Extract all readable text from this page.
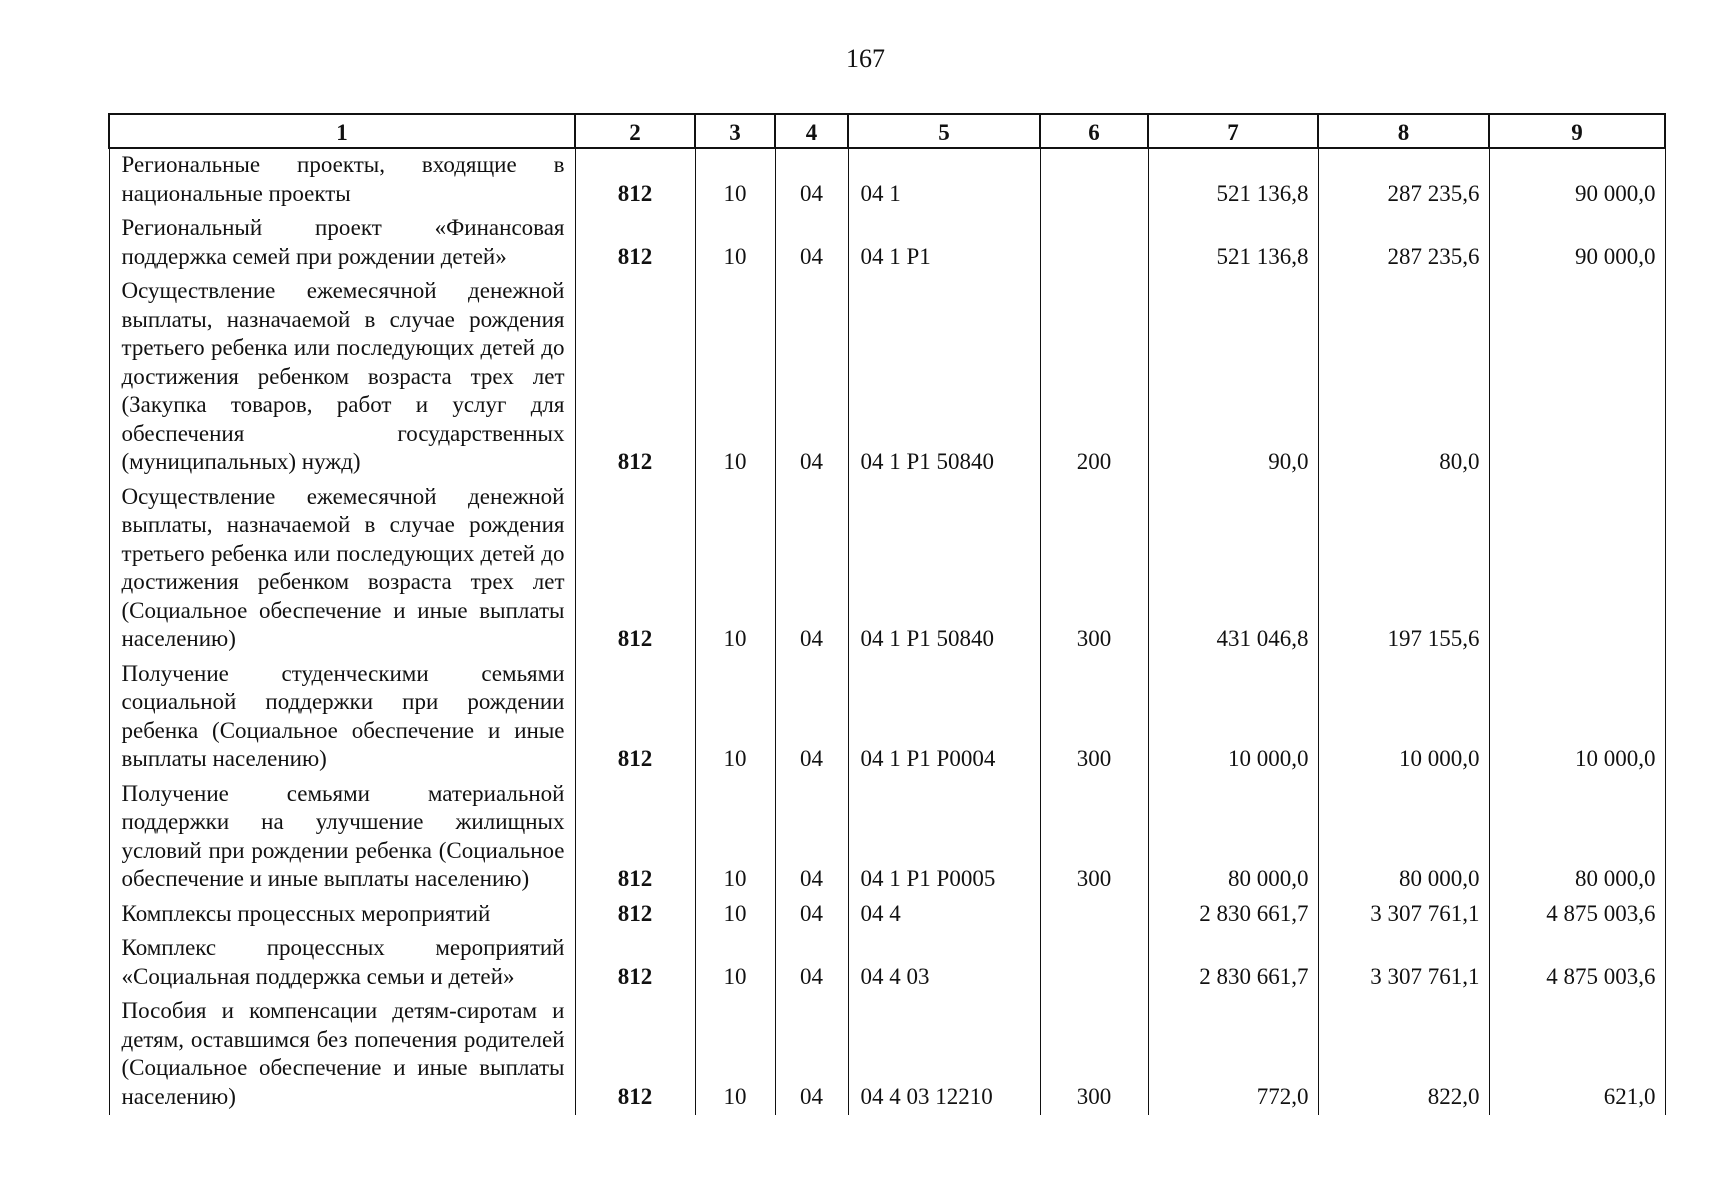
167
1	2	3	4	5	6	7	8	9
Региональные проекты, входящие в национальные проекты	812	10	04	04 1		521 136,8	287 235,6	90 000,0
Региональный проект «Финансовая поддержка семей при рождении детей»	812	10	04	04 1 P1		521 136,8	287 235,6	90 000,0
Осуществление ежемесячной денежной выплаты, назначаемой в случае рождения третьего ребенка или последующих детей до достижения ребенком возраста трех лет (Закупка товаров, работ и услуг для обеспечения государственных (муниципальных) нужд)	812	10	04	04 1 P1 50840	200	90,0	80,0	
Осуществление ежемесячной денежной выплаты, назначаемой в случае рождения третьего ребенка или последующих детей до достижения ребенком возраста трех лет (Социальное обеспечение и иные выплаты населению)	812	10	04	04 1 P1 50840	300	431 046,8	197 155,6	
Получение студенческими семьями социальной поддержки при рождении ребенка (Социальное обеспечение и иные выплаты населению)	812	10	04	04 1 P1 P0004	300	10 000,0	10 000,0	10 000,0
Получение семьями материальной поддержки на улучшение жилищных условий при рождении ребенка (Социальное обеспечение и иные выплаты населению)	812	10	04	04 1 P1 P0005	300	80 000,0	80 000,0	80 000,0
Комплексы процессных мероприятий	812	10	04	04 4		2 830 661,7	3 307 761,1	4 875 003,6
Комплекс процессных мероприятий «Социальная поддержка семьи и детей»	812	10	04	04 4 03		2 830 661,7	3 307 761,1	4 875 003,6
Пособия и компенсации детям-сиротам и детям, оставшимся без попечения родителей (Социальное обеспечение и иные выплаты населению)	812	10	04	04 4 03 12210	300	772,0	822,0	621,0
